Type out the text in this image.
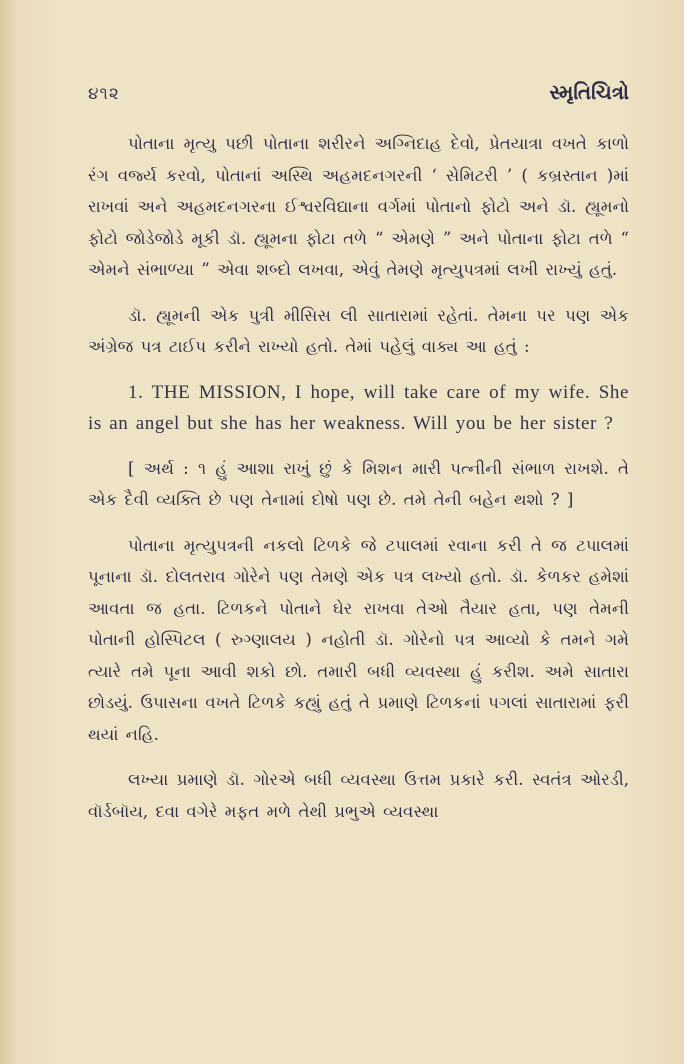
૪૧૨	સ્મૃતિચિત્રો

પોતાના મૃત્યુ પછી પોતાના શરીરને અગ્નિદાહ દેવો, પ્રેતયાત્રા વખતે કાળો રંગ વર્જ્ય કરવો, પોતાનાં અસ્થિ અહમદનગરની ‘ સેમિટરી ’ ( કબ્રસ્તાન )માં રાખવાં અને અહમદનગરના ઈશ્વરવિદ્યાના વર્ગમાં પોતાનો ફોટો અને ડૉ. હ્યૂમનો ફોટો જોડેજોડે મૂકી ડૉ. હ્યૂમના ફોટા તળે “ એમણે ” અને પોતાના ફોટા તળે “ એમને સંભાળ્યા ” એવા શબ્દો લખવા, એવું તેમણે મૃત્યુપત્રમાં લખી રાખ્યું હતું.

ડૉ. હ્યૂમની એક પુત્રી મીસિસ લી સાતારામાં રહેતાં. તેમના પર પણ એક અંગ્રેજ પત્ર ટાઈપ કરીને રાખ્યો હતો. તેમાં પહેલું વાક્ય આ હતું :

1. THE MISSION, I hope, will take care of my wife. She is an angel but she has her weakness. Will you be her sister ?

[ અર્થ : ૧ હું આશા રાખું છું કે મિશન મારી પત્નીની સંભાળ રાખશે. તે એક દૈવી વ્યક્તિ છે પણ તેનામાં દોષો પણ છે. તમે તેની બહેન થશો ? ]

પોતાના મૃત્યુપત્રની નકલો ટિળકે જે ટપાલમાં રવાના કરી તે જ ટપાલમાં પૂનાના ડૉ. દોલતરાવ ગોરેને પણ તેમણે એક પત્ર લખ્યો હતો. ડૉ. કેળકર હમેશાં આવતા જ હતા. ટિળકને પોતાને ઘેર રાખવા તેઓ તૈયાર હતા, પણ તેમની પોતાની હોસ્પિટલ ( રુગ્ણાલય ) નહોતી ડૉ. ગોરેનો પત્ર આવ્યો કે તમને ગમે ત્યારે તમે પૂના આવી શકો છો. તમારી બધી વ્યવસ્થા હું કરીશ. અમે સાતારા છોડયું. ઉપાસના વખતે ટિળકે કહ્યું હતું તે પ્રમાણે ટિળકનાં પગલાં સાતારામાં ફરી થયાં નહિ.

લખ્યા પ્રમાણે ડૉ. ગોરએ બધી વ્યવસ્થા ઉત્તમ પ્રકારે કરી. સ્વતંત્ર ઓરડી, વૉર્ડબૉય, દવા વગેરે મફત મળે તેથી પ્રભુએ વ્યવસ્થા
